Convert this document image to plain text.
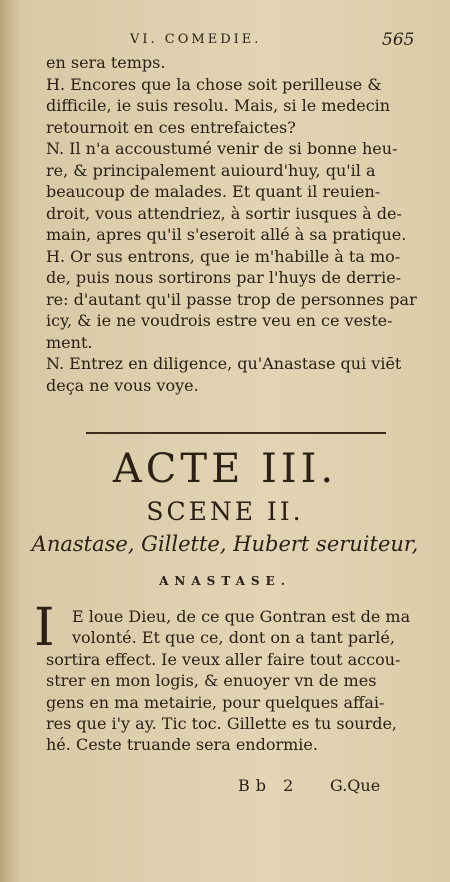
VI. COMEDIE.	565
en sera temps.
H. Encores que la chose soit perilleuse &
difficile, ie suis resolu. Mais, si le medecin
retournoit en ces entrefaictes?
N. Il n'a accoustumé venir de si bonne heu-
re, & principalement auiourd'huy, qu'il a
beaucoup de malades. Et quant il reuien-
droit, vous attendriez, à sortir iusques à de-
main, apres qu'il s'eseroit allé à sa pratique.
H. Or sus entrons, que ie m'habille à ta mo-
de, puis nous sortirons par l'huys de derrie-
re: d'autant qu'il passe trop de personnes par
icy, & ie ne voudrois estre veu en ce veste-
ment.
N. Entrez en diligence, qu'Anastase qui viēt
deça ne vous voye.
ACTE III.
SCENE II.
Anastase, Gillette, Hubert seruiteur,
ANASTASE.
I E loue Dieu, de ce que Gontran est de ma
volonté. Et que ce, dont on a tant parlé,
sortira effect. Ie veux aller faire tout accou-
strer en mon logis, & enuoyer vn de mes
gens en ma metairie, pour quelques affai-
res que i'y ay. Tic toc. Gillette es tu sourde,
hé. Ceste truande sera endormie.
Bb 2 G.Que
